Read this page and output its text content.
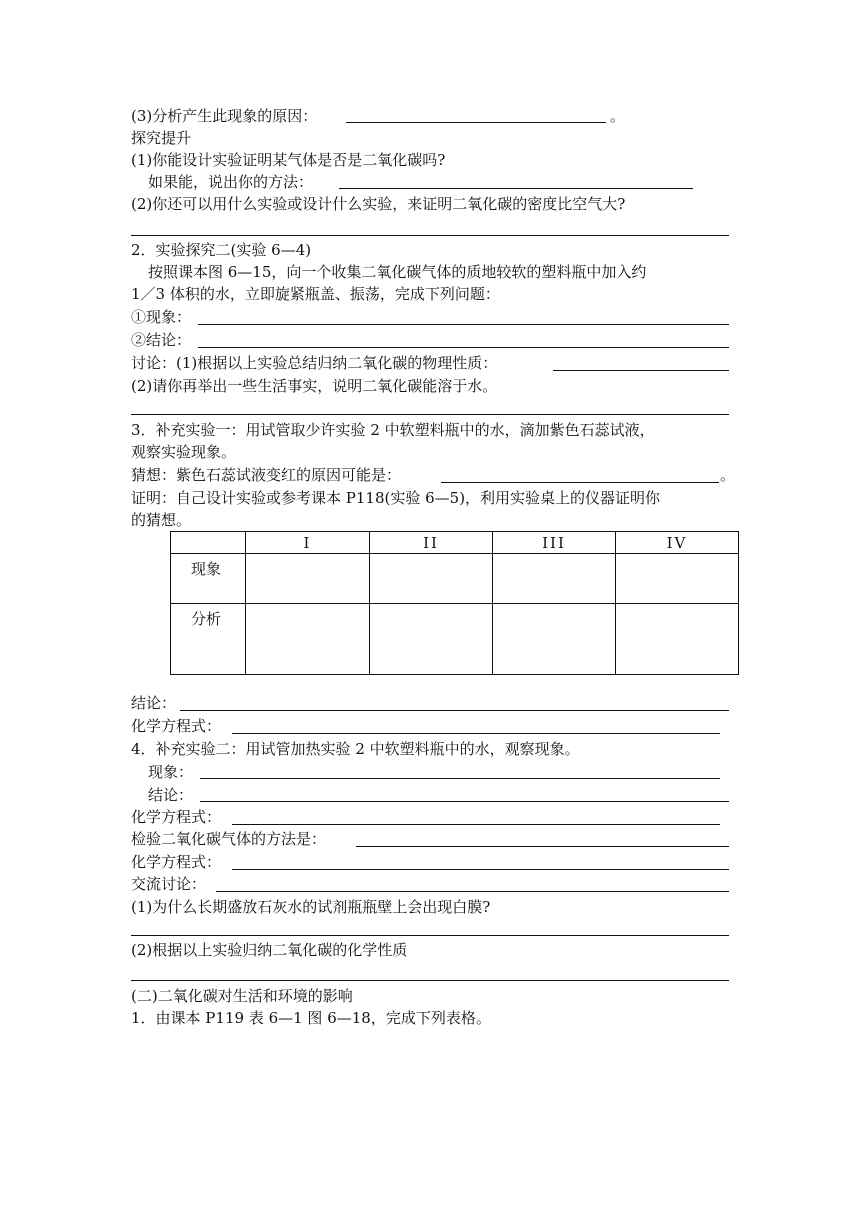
(3)分析产生此现象的原因：	。
探究提升
(1)你能设计实验证明某气体是否是二氧化碳吗?
如果能，说出你的方法：
(2)你还可以用什么实验或设计什么实验，来证明二氧化碳的密度比空气大?
2．实验探究二(实验 6—4)
按照课本图 6—15，向一个收集二氧化碳气体的质地较软的塑料瓶中加入约
1／3 体积的水，立即旋紧瓶盖、振荡，完成下列问题：
①现象：
②结论：
讨论：(1)根据以上实验总结归纳二氧化碳的物理性质：
(2)请你再举出一些生活事实，说明二氧化碳能溶于水。
3．补充实验一：用试管取少许实验 2 中软塑料瓶中的水，滴加紫色石蕊试液，
观察实验现象。
猜想：紫色石蕊试液变红的原因可能是：	。
证明：自己设计实验或参考课本 P118(实验 6—5)，利用实验桌上的仪器证明你
的猜想。
	I	II	III	IV
现象				
分析				
结论：
化学方程式：
4．补充实验二：用试管加热实验 2 中软塑料瓶中的水，观察现象。
现象：
结论：
化学方程式：
检验二氧化碳气体的方法是：
化学方程式：
交流讨论：
(1)为什么长期盛放石灰水的试剂瓶瓶壁上会出现白膜?
(2)根据以上实验归纳二氧化碳的化学性质
(二)二氧化碳对生活和环境的影响
1．由课本 P119 表 6—1 图 6—18，完成下列表格。
